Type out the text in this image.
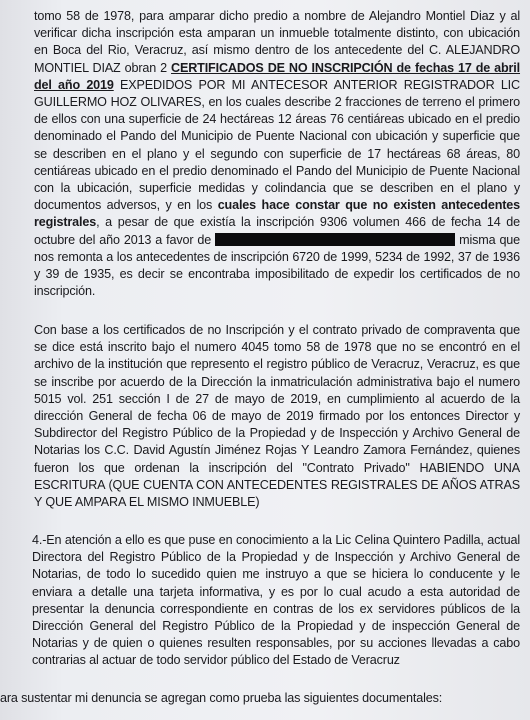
tomo 58 de 1978, para amparar dicho predio a nombre de Alejandro Montiel Diaz y al verificar dicha inscripción esta amparan un inmueble totalmente distinto, con ubicación en Boca del Rio, Veracruz, así mismo dentro de los antecedente del C. ALEJANDRO MONTIEL DIAZ obran 2 CERTIFICADOS DE NO INSCRIPCIÓN de fechas 17 de abril del año 2019 EXPEDIDOS POR MI ANTECESOR ANTERIOR REGISTRADOR LIC GUILLERMO HOZ OLIVARES, en los cuales describe 2 fracciones de terreno el primero de ellos con una superficie de 24 hectáreas 12 áreas 76 centiáreas ubicado en el predio denominado el Pando del Municipio de Puente Nacional con ubicación y superficie que se describen en el plano y el segundo con superficie de 17 hectáreas 68 áreas, 80 centiáreas ubicado en el predio denominado el Pando del Municipio de Puente Nacional con la ubicación, superficie medidas y colindancia que se describen en el plano y documentos adversos, y en los cuales hace constar que no existen antecedentes registrales, a pesar de que existía la inscripción 9306 volumen 466 de fecha 14 de octubre del año 2013 a favor de	misma que nos remonta a los antecedentes de inscripción 6720 de 1999, 5234 de 1992, 37 de 1936 y 39 de 1935, es decir se encontraba imposibilitado de expedir los certificados de no inscripción.
Con base a los certificados de no Inscripción y el contrato privado de compraventa que se dice está inscrito bajo el numero 4045 tomo 58 de 1978 que no se encontró en el archivo de la institución que represento el registro público de Veracruz, Veracruz, es que se inscribe por acuerdo de la Dirección la inmatriculación administrativa bajo el numero 5015 vol. 251 sección I de 27 de mayo de 2019, en cumplimiento al acuerdo de la dirección General de fecha 06 de mayo de 2019 firmado por los entonces Director y Subdirector del Registro Público de la Propiedad y de Inspección y Archivo General de Notarias los C.C. David Agustín Jiménez Rojas Y Leandro Zamora Fernández, quienes fueron los que ordenan la inscripción del "Contrato Privado" HABIENDO UNA ESCRITURA (QUE CUENTA CON ANTECEDENTES REGISTRALES DE AÑOS ATRAS Y QUE AMPARA EL MISMO INMUEBLE)
4.-En atención a ello es que puse en conocimiento a la Lic Celina Quintero Padilla, actual Directora del Registro Público de la Propiedad y de Inspección y Archivo General de Notarias, de todo lo sucedido quien me instruyo a que se hiciera lo conducente y le enviara a detalle una tarjeta informativa, y es por lo cual acudo a esta autoridad de presentar la denuncia correspondiente en contras de los ex servidores públicos de la Dirección General del Registro Público de la Propiedad y de inspección General de Notarias y de quien o quienes resulten responsables, por su acciones llevadas a cabo contrarias al actuar de todo servidor público del Estado de Veracruz
ara sustentar mi denuncia se agregan como prueba las siguientes documentales:
